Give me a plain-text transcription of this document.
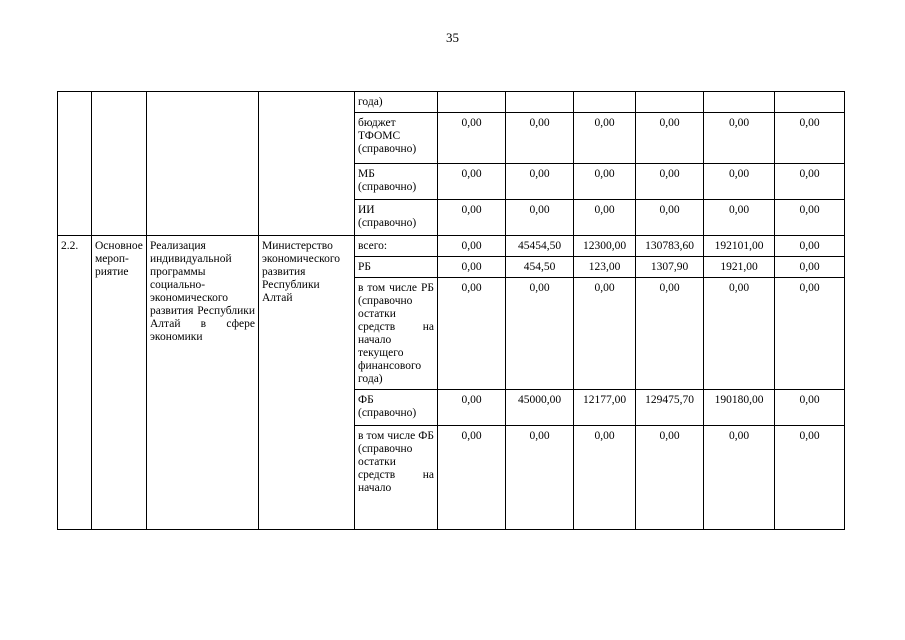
35
				года)						
				бюджет ТФОМС (справочно)	0,00	0,00	0,00	0,00	0,00	0,00
				МБ (справочно)	0,00	0,00	0,00	0,00	0,00	0,00
				ИИ (справочно)	0,00	0,00	0,00	0,00	0,00	0,00
2.2.	Основное мероприятие	Реализация индивидуальной программы социально-экономического развития Республики Алтай в сфере экономики	Министерство экономического развития Республики Алтай	всего:	0,00	45454,50	12300,00	130783,60	192101,00	0,00
				РБ	0,00	454,50	123,00	1307,90	1921,00	0,00
				в том числе РБ (справочно остатки средств на начало текущего финансового года)	0,00	0,00	0,00	0,00	0,00	0,00
				ФБ (справочно)	0,00	45000,00	12177,00	129475,70	190180,00	0,00
				в том числе ФБ (справочно остатки средств на начало	0,00	0,00	0,00	0,00	0,00	0,00
